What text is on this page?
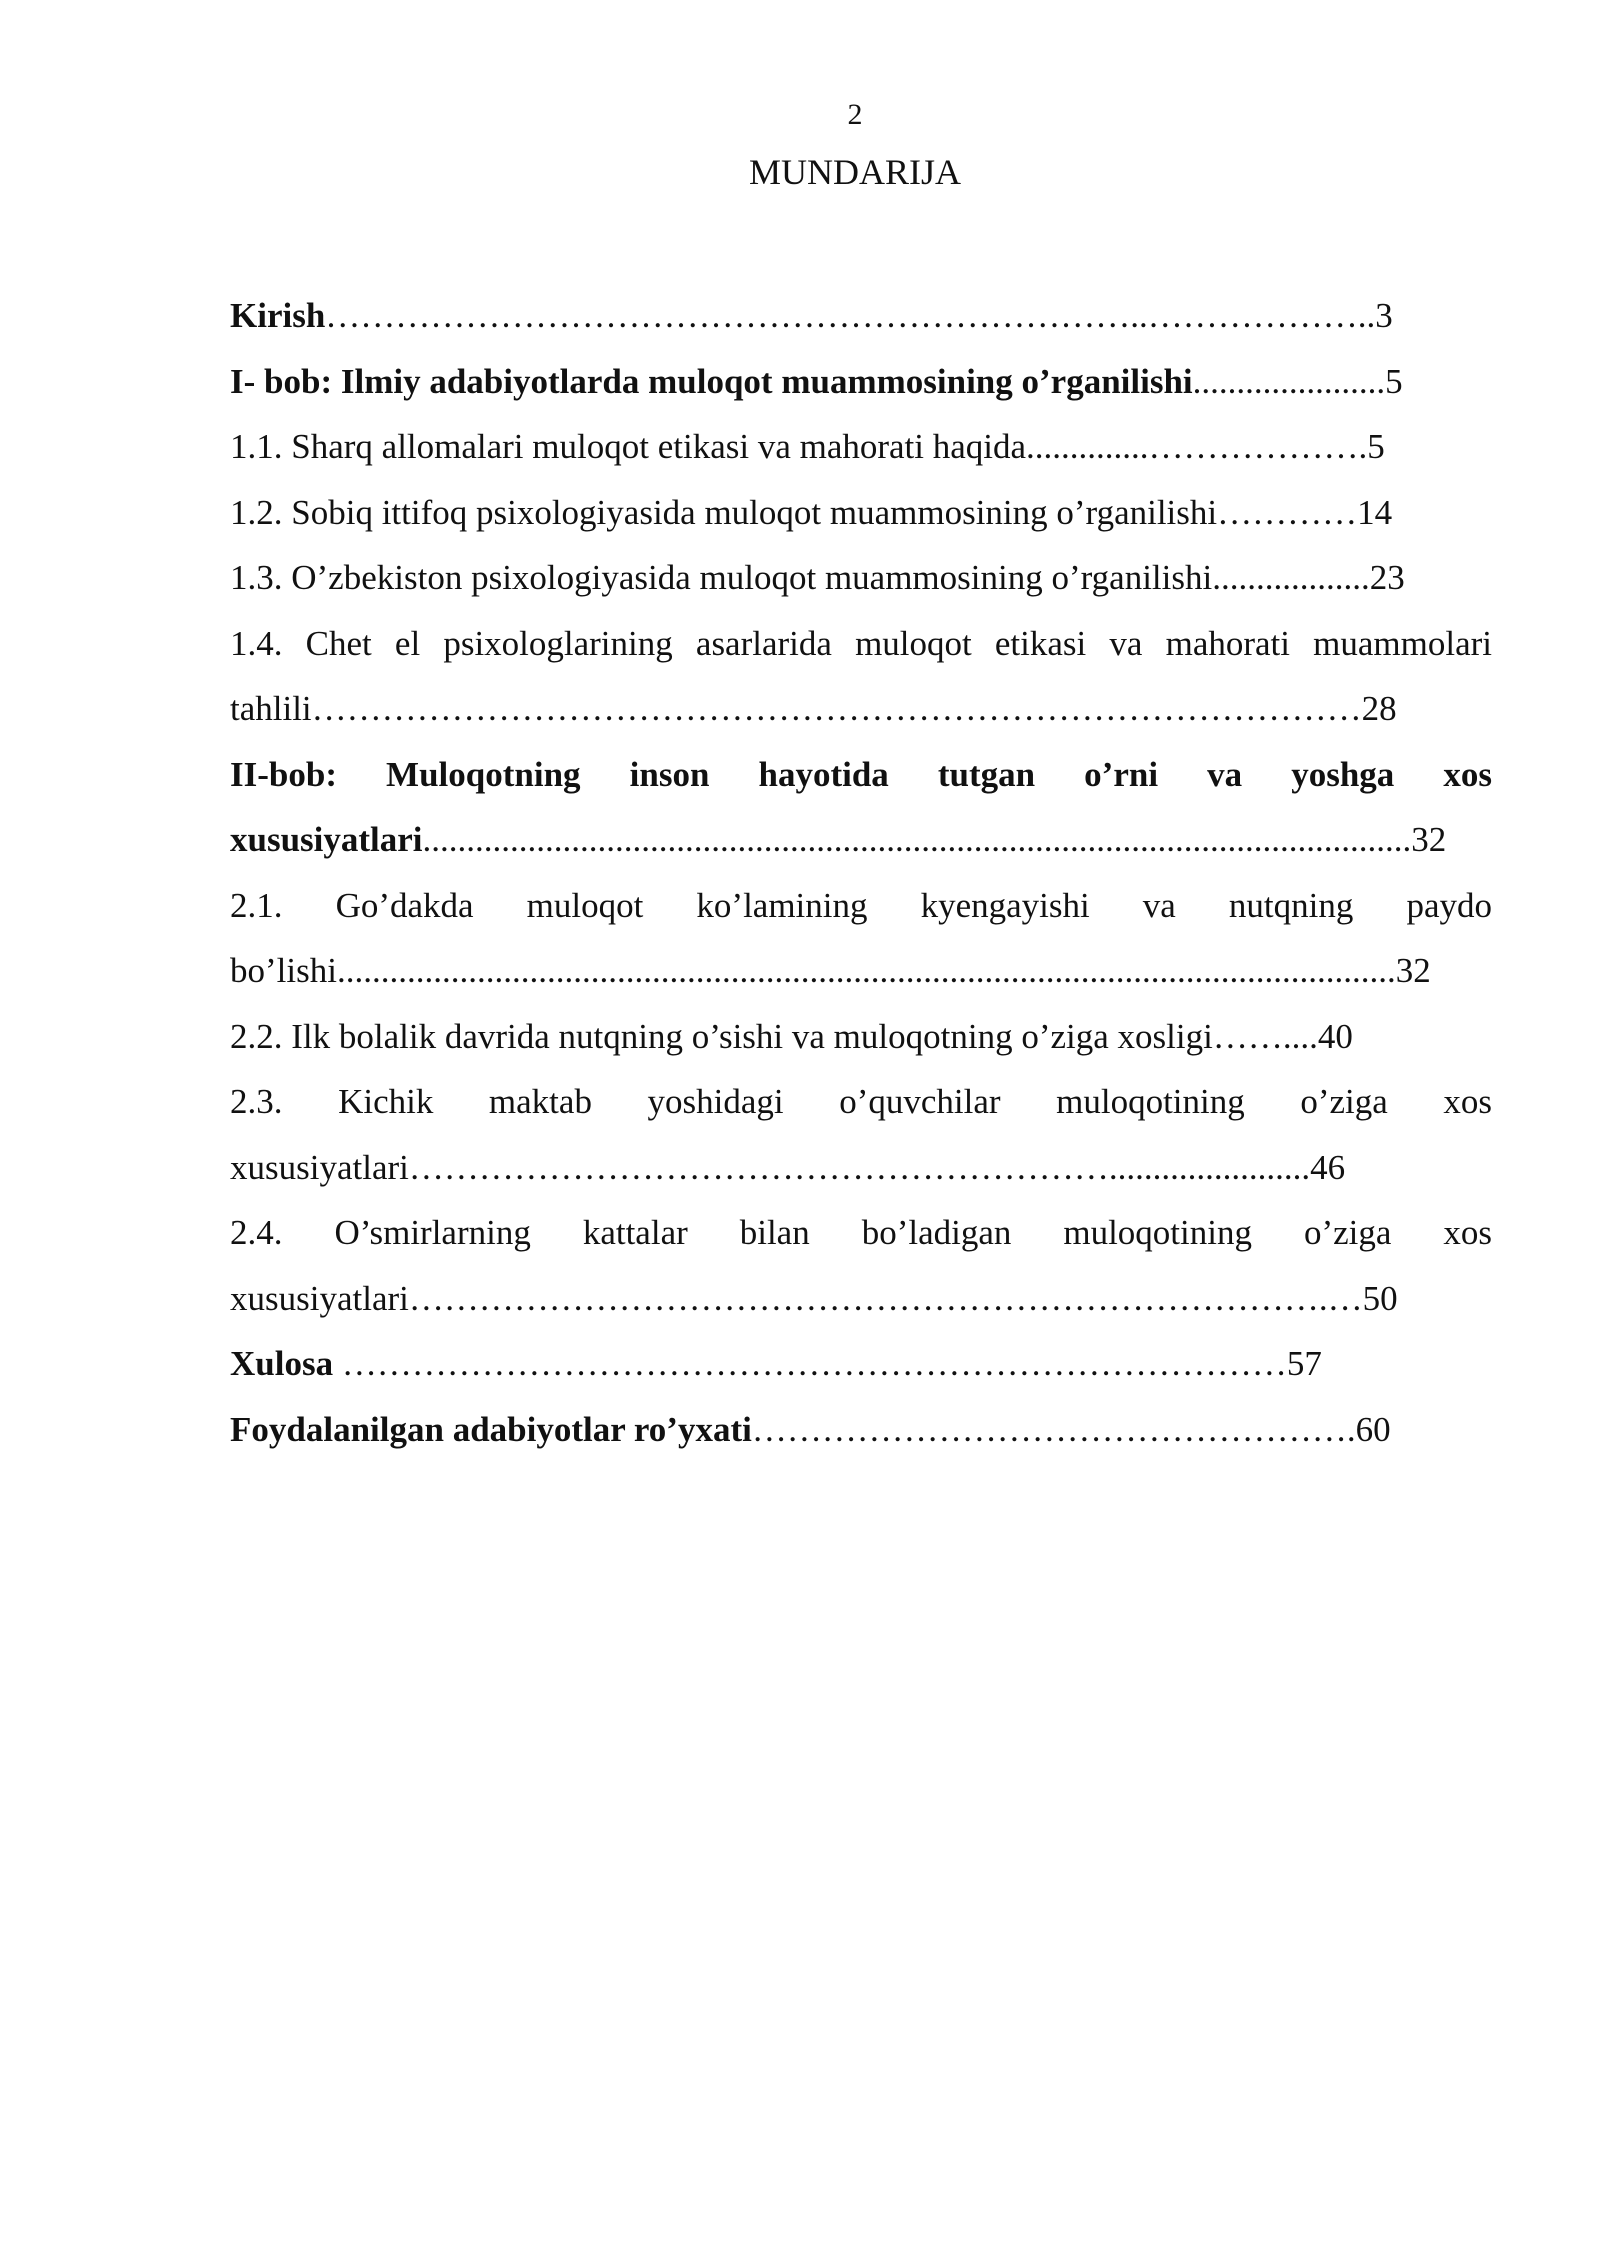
2
MUNDARIJA
Kirish……………………………………………………………..………………..3
I- bob: Ilmiy adabiyotlarda muloqot muammosining o’rganilishi......................5
1.1. Sharq allomalari muloqot etikasi va mahorati haqida..............……………….5
1.2. Sobiq ittifoq psixologiyasida muloqot muammosining o’rganilishi…………14
1.3. O’zbekiston psixologiyasida muloqot muammosining o’rganilishi..................23
1.4. Chet el psixologlarining asarlarida muloqot etikasi va mahorati muammolari
tahlili………………………………………………………………………………28
II-bob: Muloqotning inson hayotida tutgan o’rni va yoshga xos
xususiyatlari.................................................................................................................32
2.1. Go’dakda muloqot ko’lamining kyengayishi va nutqning paydo
bo’lishi.........................................................................................................................32
2.2. Ilk bolalik davrida nutqning o’sishi va muloqotning o’ziga xosligi……....40
2.3. Kichik maktab yoshidagi o’quvchilar muloqotining o’ziga xos
xususiyatlari…………………………………………………….......................46
2.4. O’smirlarning kattalar bilan bo’ladigan muloqotining o’ziga xos
xususiyatlari…………………………………………………………………….…50
Xulosa ………………………………………………………………………57
Foydalanilgan adabiyotlar ro’yxati…………………………………………….60
